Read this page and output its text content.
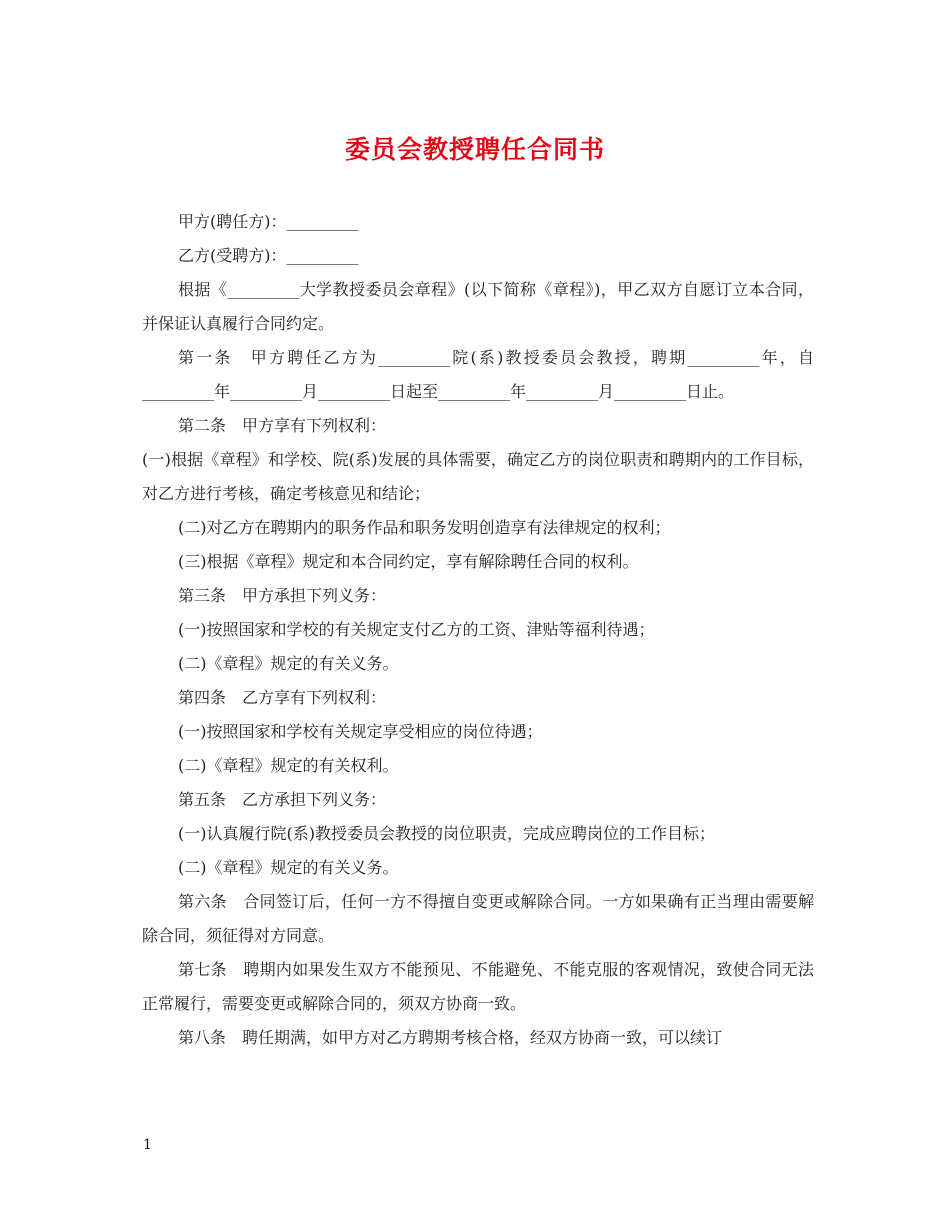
委员会教授聘任合同书

甲方(聘任方)：_________

乙方(受聘方)：_________

根据《_________大学教授委员会章程》(以下简称《章程》)，甲乙双方自愿订立本合同，并保证认真履行合同约定。

第一条　甲方聘任乙方为_________院(系)教授委员会教授，聘期_________年，自_________年_________月_________日起至_________年_________月_________日止。

第二条　甲方享有下列权利：

(一)根据《章程》和学校、院(系)发展的具体需要，确定乙方的岗位职责和聘期内的工作目标，对乙方进行考核，确定考核意见和结论；

(二)对乙方在聘期内的职务作品和职务发明创造享有法律规定的权利；

(三)根据《章程》规定和本合同约定，享有解除聘任合同的权利。

第三条　甲方承担下列义务：

(一)按照国家和学校的有关规定支付乙方的工资、津贴等福利待遇；

(二)《章程》规定的有关义务。

第四条　乙方享有下列权利：

(一)按照国家和学校有关规定享受相应的岗位待遇；

(二)《章程》规定的有关权利。

第五条　乙方承担下列义务：

(一)认真履行院(系)教授委员会教授的岗位职责，完成应聘岗位的工作目标；

(二)《章程》规定的有关义务。

第六条　合同签订后，任何一方不得擅自变更或解除合同。一方如果确有正当理由需要解除合同，须征得对方同意。

第七条　聘期内如果发生双方不能预见、不能避免、不能克服的客观情况，致使合同无法正常履行，需要变更或解除合同的，须双方协商一致。

第八条　聘任期满，如甲方对乙方聘期考核合格，经双方协商一致，可以续订

1
